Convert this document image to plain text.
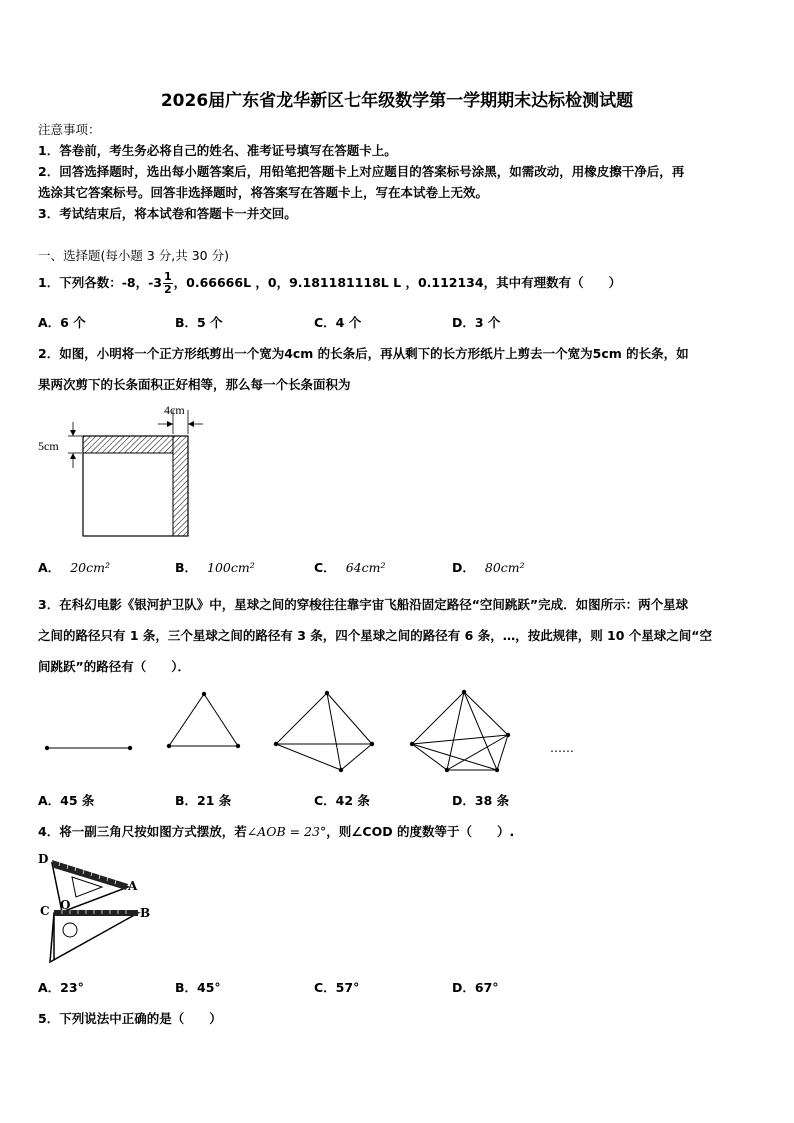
2026届广东省龙华新区七年级数学第一学期期末达标检测试题
注意事项：
1．答卷前，考生务必将自己的姓名、准考证号填写在答题卡上。
2．回答选择题时，选出每小题答案后，用铅笔把答题卡上对应题目的答案标号涂黑，如需改动，用橡皮擦干净后，再
选涂其它答案标号。回答非选择题时，将答案写在答题卡上，写在本试卷上无效。
3．考试结束后，将本试卷和答题卡一并交回。
一、选择题(每小题 3 分,共 30 分)
1．下列各数：-8，$-3 \frac{1}{2}$ ，0.66666L ，0，9.181181118L L ，0.112134，其中有理数有（　　）
A．6 个	B．5 个	C．4 个	D．3 个
2．如图，小明将一个正方形纸剪出一个宽为4cm 的长条后，再从剩下的长方形纸片上剪去一个宽为5cm 的长条，如
果两次剪下的长条面积正好相等，那么每一个长条面积为
4cm
5cm
A． 20cm²	B． 100cm²	C． 64cm²	D． 80cm²
3．在科幻电影《银河护卫队》中，星球之间的穿梭往往靠宇宙飞船沿固定路径“空间跳跃”完成．如图所示：两个星球
之间的路径只有 1 条，三个星球之间的路径有 3 条，四个星球之间的路径有 6 条，…，按此规律，则 10 个星球之间“空
间跳跃”的路径有（　　）．
……
A．45 条	B．21 条	C．42 条	D．38 条
4．将一副三角尺按如图方式摆放，若∠AOB = 23°，则∠COD 的度数等于（　　）.
D
A
C O
B
A．23°	B．45°	C．57°	D．67°
5．下列说法中正确的是（　　）
